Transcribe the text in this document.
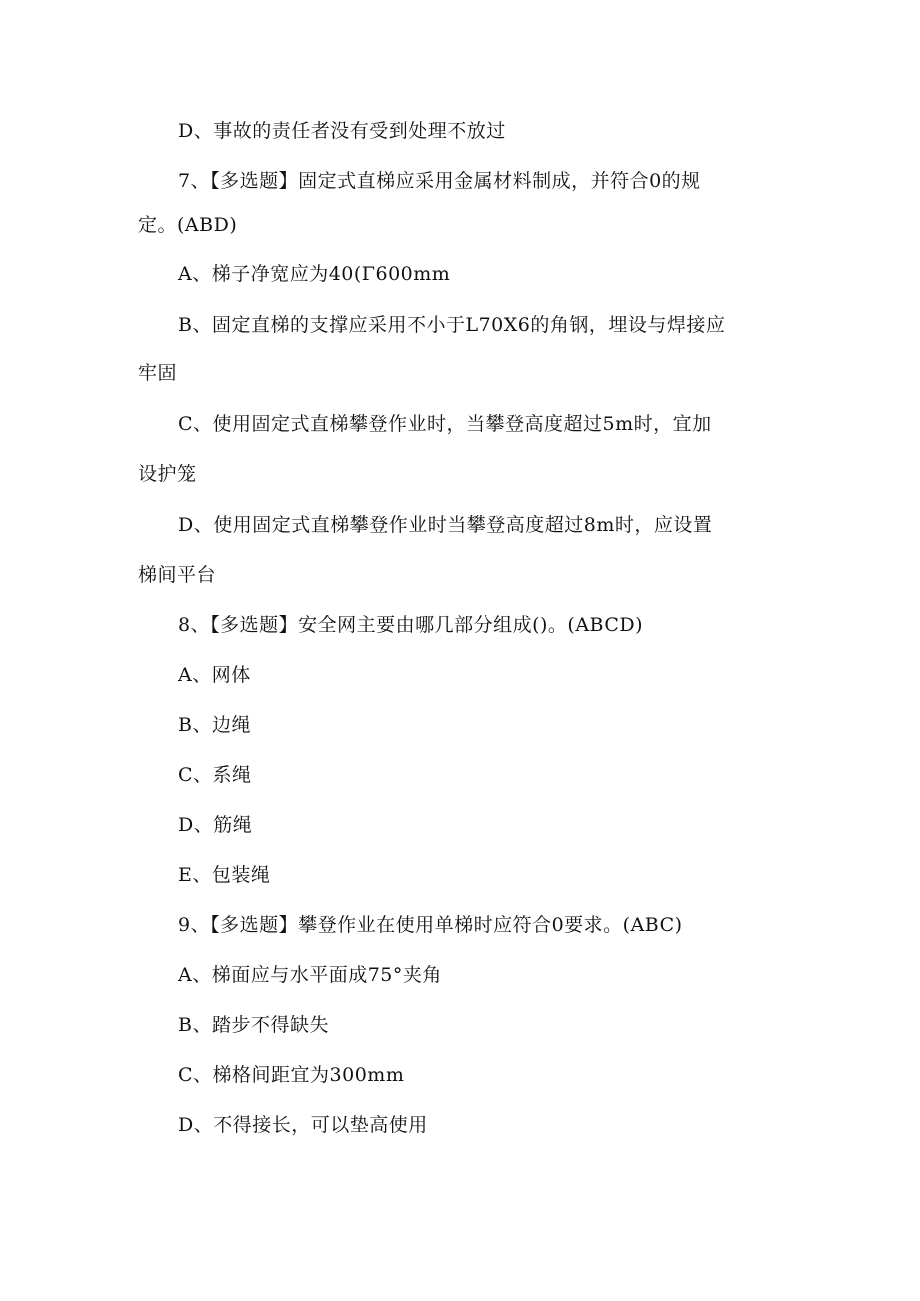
D、事故的责任者没有受到处理不放过
7、【多选题】固定式直梯应采用金属材料制成，并符合0的规
定。(ABD)
A、梯子净宽应为40(Γ600mm
B、固定直梯的支撑应采用不小于L70X6的角钢，埋设与焊接应
牢固
C、使用固定式直梯攀登作业时，当攀登高度超过5m时，宜加
设护笼
D、使用固定式直梯攀登作业时当攀登高度超过8m时，应设置
梯间平台
8、【多选题】安全网主要由哪几部分组成()。(ABCD)
A、网体
B、边绳
C、系绳
D、筋绳
E、包装绳
9、【多选题】攀登作业在使用单梯时应符合0要求。(ABC)
A、梯面应与水平面成75°夹角
B、踏步不得缺失
C、梯格间距宜为300mm
D、不得接长，可以垫高使用
